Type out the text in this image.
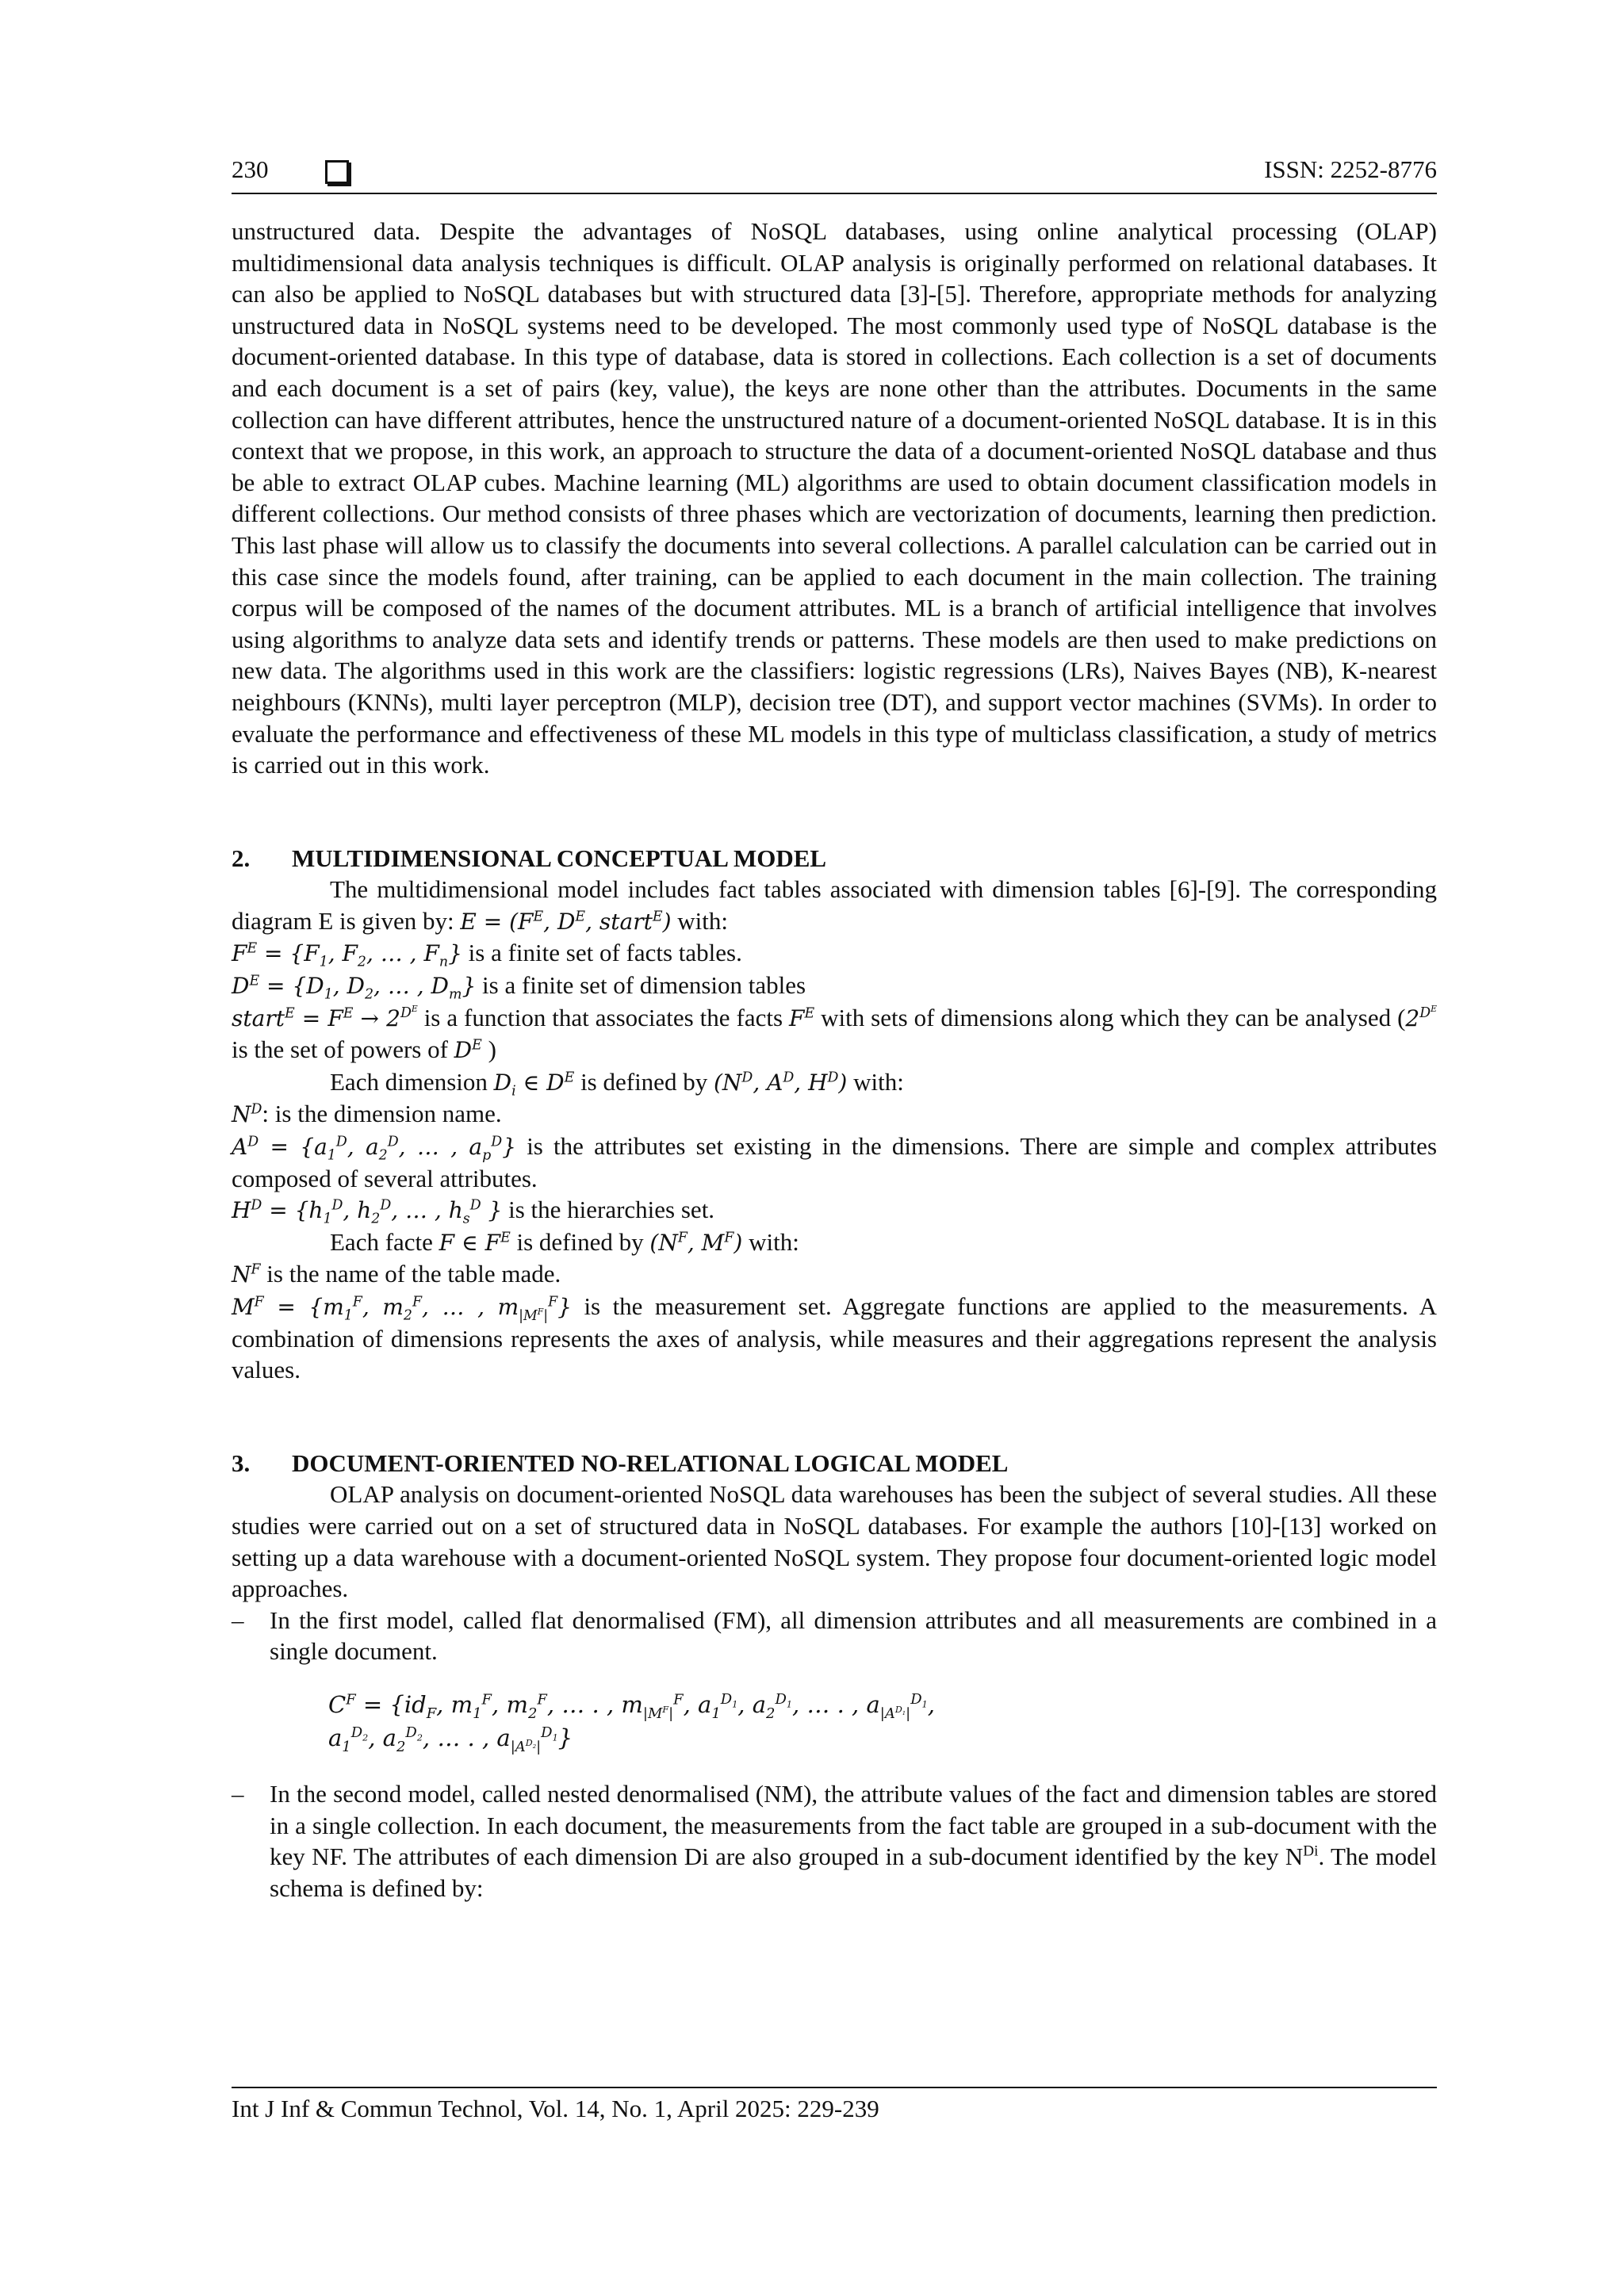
230	ISSN: 2252-8776

unstructured data. Despite the advantages of NoSQL databases, using online analytical processing (OLAP) multidimensional data analysis techniques is difficult. OLAP analysis is originally performed on relational databases. It can also be applied to NoSQL databases but with structured data [3]-[5]. Therefore, appropriate methods for analyzing unstructured data in NoSQL systems need to be developed. The most commonly used type of NoSQL database is the document-oriented database. In this type of database, data is stored in collections. Each collection is a set of documents and each document is a set of pairs (key, value), the keys are none other than the attributes. Documents in the same collection can have different attributes, hence the unstructured nature of a document-oriented NoSQL database. It is in this context that we propose, in this work, an approach to structure the data of a document-oriented NoSQL database and thus be able to extract OLAP cubes. Machine learning (ML) algorithms are used to obtain document classification models in different collections. Our method consists of three phases which are vectorization of documents, learning then prediction. This last phase will allow us to classify the documents into several collections. A parallel calculation can be carried out in this case since the models found, after training, can be applied to each document in the main collection. The training corpus will be composed of the names of the document attributes. ML is a branch of artificial intelligence that involves using algorithms to analyze data sets and identify trends or patterns. These models are then used to make predictions on new data. The algorithms used in this work are the classifiers: logistic regressions (LRs), Naives Bayes (NB), K-nearest neighbours (KNNs), multi layer perceptron (MLP), decision tree (DT), and support vector machines (SVMs). In order to evaluate the performance and effectiveness of these ML models in this type of multiclass classification, a study of metrics is carried out in this work.

2. MULTIDIMENSIONAL CONCEPTUAL MODEL

The multidimensional model includes fact tables associated with dimension tables [6]-[9]. The corresponding diagram E is given by: $E = (F^E$, $D^E$, start$^E$) with:

$F^E = \{F_1$, $F_2$, … , $F_n$} is a finite set of facts tables.

$D^E = \{D_1$, $D_2$, … , $D_m$} is a finite set of dimension tables

start$^E$ = $F^E \to 2DE$ is a function that associates the facts $F^E$ with sets of dimensions along which they can be analysed (2DE is the set of powers of $D^E$ )

Each dimension $D_i$ ∈ $D^E$ is defined by ($N^D$, $A^D$, $H^D$) with:

$N^D$: is the dimension name.

$A^D = \{a_1^D$, $a_2^D$, … , $a_p^D$} is the attributes set existing in the dimensions. There are simple and complex attributes composed of several attributes.

$H^D = \{h_1^D$, $h_2^D$, … , $h_s^D$ } is the hierarchies set.

Each facte F ∈ $F^E$ is defined by ($N^F$, $M^F$) with:

$N^F$ is the name of the table made.

$M^F = \{m_1^F$, $m_2^F$, … , $m_{|M^F|}^F$} is the measurement set. Aggregate functions are applied to the measurements. A combination of dimensions represents the axes of analysis, while measures and their aggregations represent the analysis values.

3. DOCUMENT-ORIENTED NO-RELATIONAL LOGICAL MODEL

OLAP analysis on document-oriented NoSQL data warehouses has been the subject of several studies. All these studies were carried out on a set of structured data in NoSQL databases. For example the authors [10]-[13] worked on setting up a data warehouse with a document-oriented NoSQL system. They propose four document-oriented logic model approaches.

– In the first model, called flat denormalised (FM), all dimension attributes and all measurements are combined in a single document.
$C^F = \{id_F$, $m_1^F$, $m_2^F$, … . , $m_{|M^F|}^F$, $a_1^{D_1}$, $a_2^{D_1}$, … . , $a_{|A^{D_1}|}^{D_1}$,
$a_1^{D_2}$, $a_2^{D_2}$, … . , $a_{|A^{D_2}|}^{D_1}$}
– In the second model, called nested denormalised (NM), the attribute values of the fact and dimension tables are stored in a single collection. In each document, the measurements from the fact table are grouped in a sub-document with the key NF. The attributes of each dimension Di are also grouped in a sub-document identified by the key $N^{Di}$. The model schema is defined by:
Int J Inf & Commun Technol, Vol. 14, No. 1, April 2025: 229-239
